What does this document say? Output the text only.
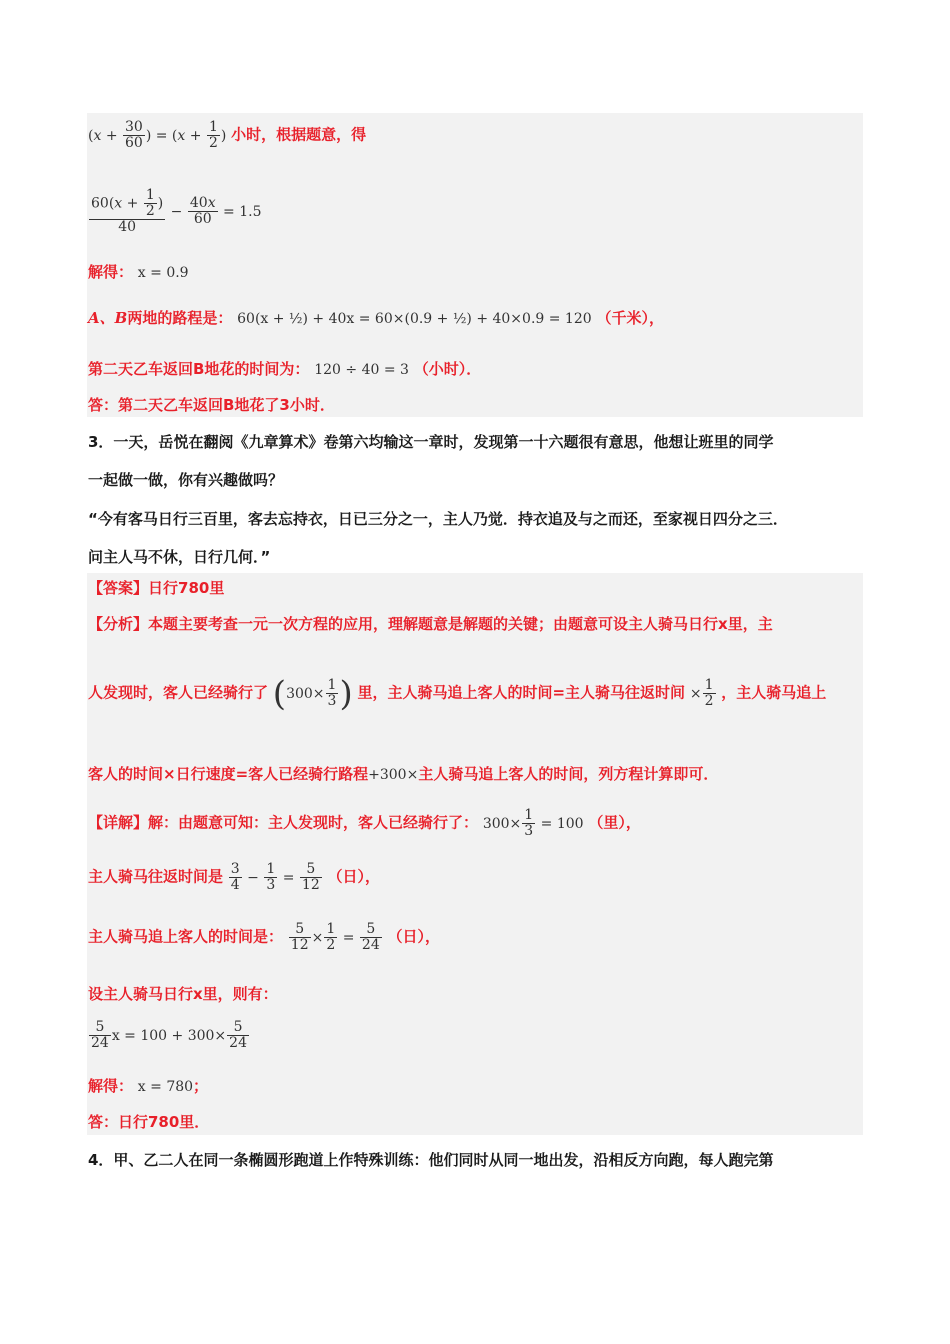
($x + \frac{30}{60}$ ) = ($x + \frac{1}{2}$ ) 小时，根据题意，得
$\frac{60(x + \frac{1}{2} )}{40} - \frac{40x}{60} = 1.5$
解得： x = 0.9
A、B两地的路程是： 60(x + ½) + 40x = 60×(0.9 + ½) + 40×0.9 = 120 （千米），
第二天乙车返回B地花的时间为： 120 ÷ 40 = 3 （小时）．
答：第二天乙车返回B地花了3小时．
3．一天，岳悦在翻阅《九章算术》卷第六均输这一章时，发现第一十六题很有意思，他想让班里的同学
一起做一做，你有兴趣做吗？
“今有客马日行三百里，客去忘持衣，日已三分之一，主人乃觉．持衣追及与之而还，至家视日四分之三．
问主人马不休，日行几何．”
【答案】日行780里
【分析】本题主要考查一元一次方程的应用，理解题意是解题的关键；由题意可设主人骑马日行x里，主
人发现时，客人已经骑行了 ($300\times \frac{1}{3}$ ) 里，主人骑马追上客人的时间=主人骑马往返时间 × $\frac{1}{2}$ ，主人骑马追上
客人的时间×日行速度=客人已经骑行路程+300×主人骑马追上客人的时间，列方程计算即可．
【详解】解：由题意可知：主人发现时，客人已经骑行了： $300\times \frac{1}{3} = 100$ （里），
主人骑马往返时间是 $\frac{3}{4} - \frac{1}{3} = \frac{5}{12}$ （日），
主人骑马追上客人的时间是： $\frac{5}{12} \times \frac{1}{2} = \frac{5}{24}$ （日），
设主人骑马日行x里，则有：
$\frac{5}{24}$ $x = 100 + 300\times \frac{5}{24}$
解得： x = 780；
答：日行780里．
4．甲、乙二人在同一条椭圆形跑道上作特殊训练：他们同时从同一地出发，沿相反方向跑，每人跑完第
